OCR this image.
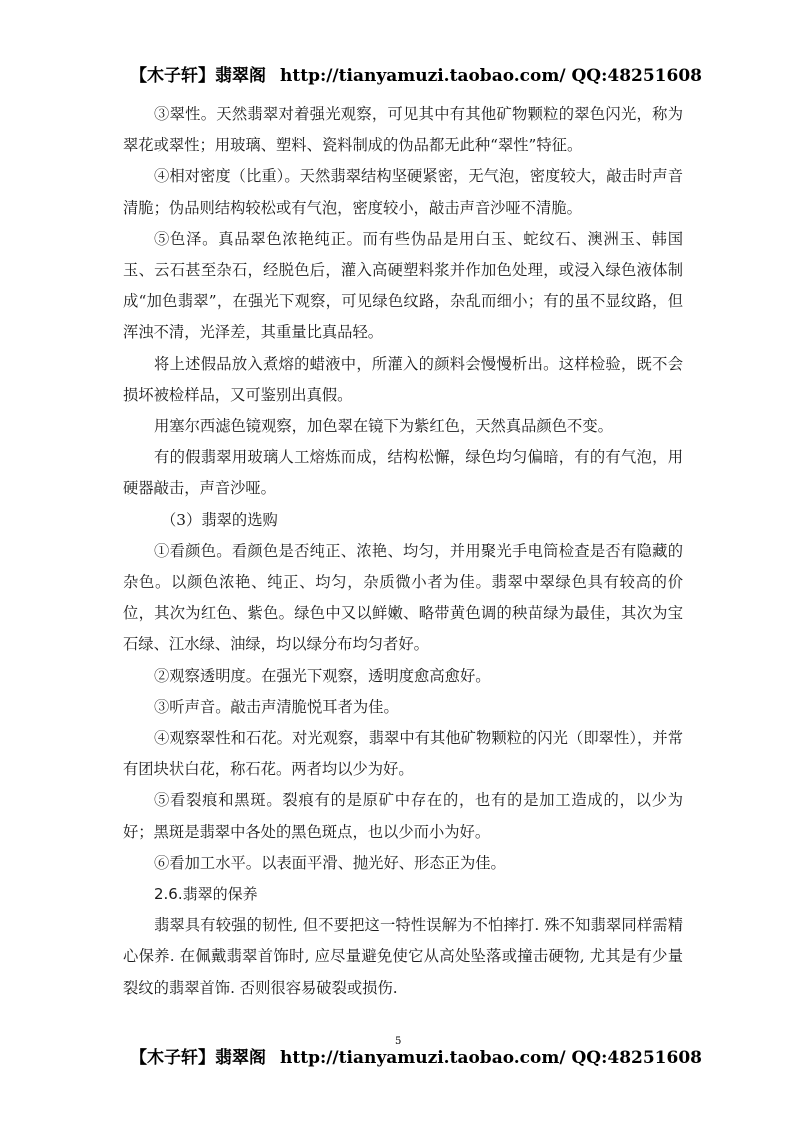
【木子轩】翡翠阁 http://tianyamuzi.taobao.com/ QQ:48251608

③翠性。天然翡翠对着强光观察，可见其中有其他矿物颗粒的翠色闪光，称为翠花或翠性；用玻璃、塑料、瓷料制成的伪品都无此种“翠性”特征。

④相对密度（比重）。天然翡翠结构坚硬紧密，无气泡，密度较大，敲击时声音清脆；伪品则结构较松或有气泡，密度较小，敲击声音沙哑不清脆。

⑤色泽。真品翠色浓艳纯正。而有些伪品是用白玉、蛇纹石、澳洲玉、韩国玉、云石甚至杂石，经脱色后，灌入高硬塑料浆并作加色处理，或浸入绿色液体制成“加色翡翠”，在强光下观察，可见绿色纹路，杂乱而细小；有的虽不显纹路，但浑浊不清，光泽差，其重量比真品轻。

将上述假品放入煮熔的蜡液中，所灌入的颜料会慢慢析出。这样检验，既不会损坏被检样品，又可鉴别出真假。

用塞尔西滤色镜观察，加色翠在镜下为紫红色，天然真品颜色不变。

有的假翡翠用玻璃人工熔炼而成，结构松懈，绿色均匀偏暗，有的有气泡，用硬器敲击，声音沙哑。

（3）翡翠的选购

①看颜色。看颜色是否纯正、浓艳、均匀，并用聚光手电筒检查是否有隐藏的杂色。以颜色浓艳、纯正、均匀，杂质微小者为佳。翡翠中翠绿色具有较高的价位，其次为红色、紫色。绿色中又以鲜嫩、略带黄色调的秧苗绿为最佳，其次为宝石绿、江水绿、油绿，均以绿分布均匀者好。

②观察透明度。在强光下观察，透明度愈高愈好。

③听声音。敲击声清脆悦耳者为佳。

④观察翠性和石花。对光观察，翡翠中有其他矿物颗粒的闪光（即翠性），并常有团块状白花，称石花。两者均以少为好。

⑤看裂痕和黑斑。裂痕有的是原矿中存在的，也有的是加工造成的，以少为好；黑斑是翡翠中各处的黑色斑点，也以少而小为好。

⑥看加工水平。以表面平滑、抛光好、形态正为佳。

2.6.翡翠的保养

翡翠具有较强的韧性, 但不要把这一特性误解为不怕摔打. 殊不知翡翠同样需精心保养. 在佩戴翡翠首饰时, 应尽量避免使它从高处坠落或撞击硬物, 尤其是有少量裂纹的翡翠首饰. 否则很容易破裂或损伤.

5
【木子轩】翡翠阁 http://tianyamuzi.taobao.com/ QQ:48251608
